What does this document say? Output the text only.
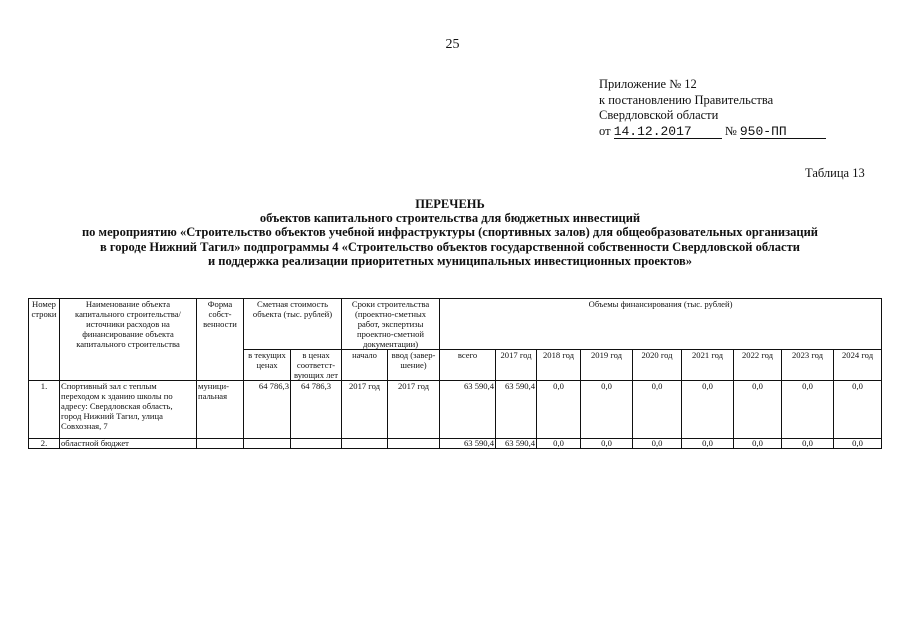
25
Приложение № 12
к постановлению Правительства
Свердловской области
от 14.12.2017	№ 950-ПП
Таблица 13
ПЕРЕЧЕНЬ
объектов капитального строительства для бюджетных инвестиций
по мероприятию «Строительство объектов учебной инфраструктуры (спортивных залов) для общеобразовательных организаций
в городе Нижний Тагил» подпрограммы 4 «Строительство объектов государственной собственности Свердловской области
и поддержка реализации приоритетных муниципальных инвестиционных проектов»
Номер строки	Наименование объекта капитального строительства/ источники расходов на финансирование объекта капитального строительства	Форма собст- венности	Сметная стоимость объекта (тыс. рублей)		Сроки строительства (проектно-сметных работ, экспертизы проектно-сметной документации)		Объемы финансирования (тыс. рублей)								
			в текущих ценах	в ценах соответст- вующих лет	начало	ввод (завер- шение)	всего	2017 год	2018 год	2019 год	2020 год	2021 год	2022 год	2023 год	2024 год
1.	Спортивный зал с теплым переходом к зданию школы по адресу: Свердловская область, город Нижний Тагил, улица Совхозная, 7	муници- пальная	64 786,3	64 786,3	2017 год	2017 год	63 590,4	63 590,4	0,0	0,0	0,0	0,0	0,0	0,0	0,0
2.	областной бюджет						63 590,4	63 590,4	0,0	0,0	0,0	0,0	0,0	0,0	0,0
